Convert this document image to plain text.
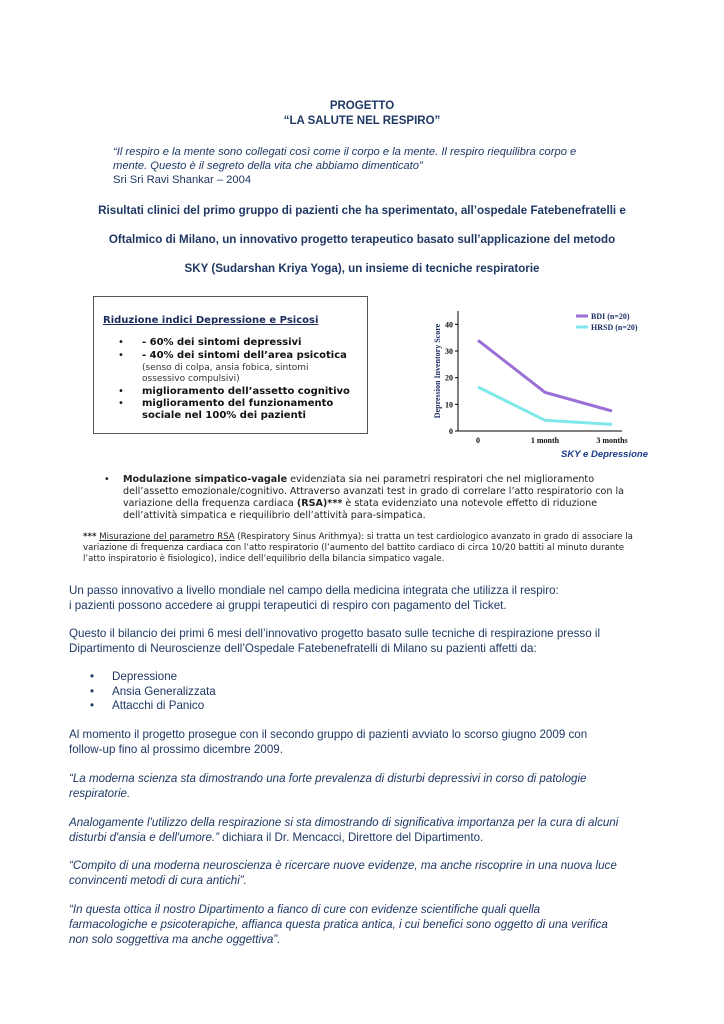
PROGETTO
“LA SALUTE NEL RESPIRO”
“Il respiro e la mente sono collegati così come il corpo e la mente. Il respiro riequilibra corpo e
mente. Questo è il segreto della vita che abbiamo dimenticato”
Sri Sri Ravi Shankar – 2004
Risultati clinici del primo gruppo di pazienti che ha sperimentato, all’ospedale Fatebenefratelli e
Oftalmico di Milano, un innovativo progetto terapeutico basato sull’applicazione del metodo
SKY (Sudarshan Kriya Yoga), un insieme di tecniche respiratorie
Riduzione indici Depressione e Psicosi
• - 60% dei sintomi depressivi
• - 40% dei sintomi dell’area psicotica
(senso di colpa, ansia fobica, sintomi
ossessivo compulsivi)
• miglioramento dell’assetto cognitivo
• miglioramento del funzionamento
sociale nel 100% dei pazienti
0
10
20
30
40
0	1 month	3 months
Depression Inventory Score
BDI (n=20)
HRSD (n=20)
SKY e Depressione
• Modulazione simpatico-vagale evidenziata sia nei parametri respiratori che nel miglioramento
dell’assetto emozionale/cognitivo. Attraverso avanzati test in grado di correlare l’atto respiratorio con la
variazione della frequenza cardiaca (RSA)*** è stata evidenziato una notevole effetto di riduzione
dell’attività simpatica e riequilibrio dell’attività para-simpatica.
*** Misurazione del parametro RSA (Respiratory Sinus Arithmya): si tratta un test cardiologico avanzato in grado di associare la
variazione di frequenza cardiaca con l’atto respiratorio (l’aumento del battito cardiaco di circa 10/20 battiti al minuto durante
l’atto inspiratorio è fisiologico), indice dell’equilibrio della bilancia simpatico vagale.
Un passo innovativo a livello mondiale nel campo della medicina integrata che utilizza il respiro:
i pazienti possono accedere ai gruppi terapeutici di respiro con pagamento del Ticket.
Questo il bilancio dei primi 6 mesi dell’innovativo progetto basato sulle tecniche di respirazione presso il
Dipartimento di Neuroscienze dell’Ospedale Fatebenefratelli di Milano su pazienti affetti da:
• Depressione
• Ansia Generalizzata
• Attacchi di Panico
Al momento il progetto prosegue con il secondo gruppo di pazienti avviato lo scorso giugno 2009 con
follow-up fino al prossimo dicembre 2009.
“La moderna scienza sta dimostrando una forte prevalenza di disturbi depressivi in corso di patologie
respiratorie.
Analogamente l'utilizzo della respirazione si sta dimostrando di significativa importanza per la cura di alcuni
disturbi d'ansia e dell'umore.” dichiara il Dr. Mencacci, Direttore del Dipartimento.
“Compito di una moderna neuroscienza è ricercare nuove evidenze, ma anche riscoprire in una nuova luce
convincenti metodi di cura antichi”.
“In questa ottica il nostro Dipartimento a fianco di cure con evidenze scientifiche quali quella
farmacologiche e psicoterapiche, affianca questa pratica antica, i cui benefici sono oggetto di una verifica
non solo soggettiva ma anche oggettiva”.
